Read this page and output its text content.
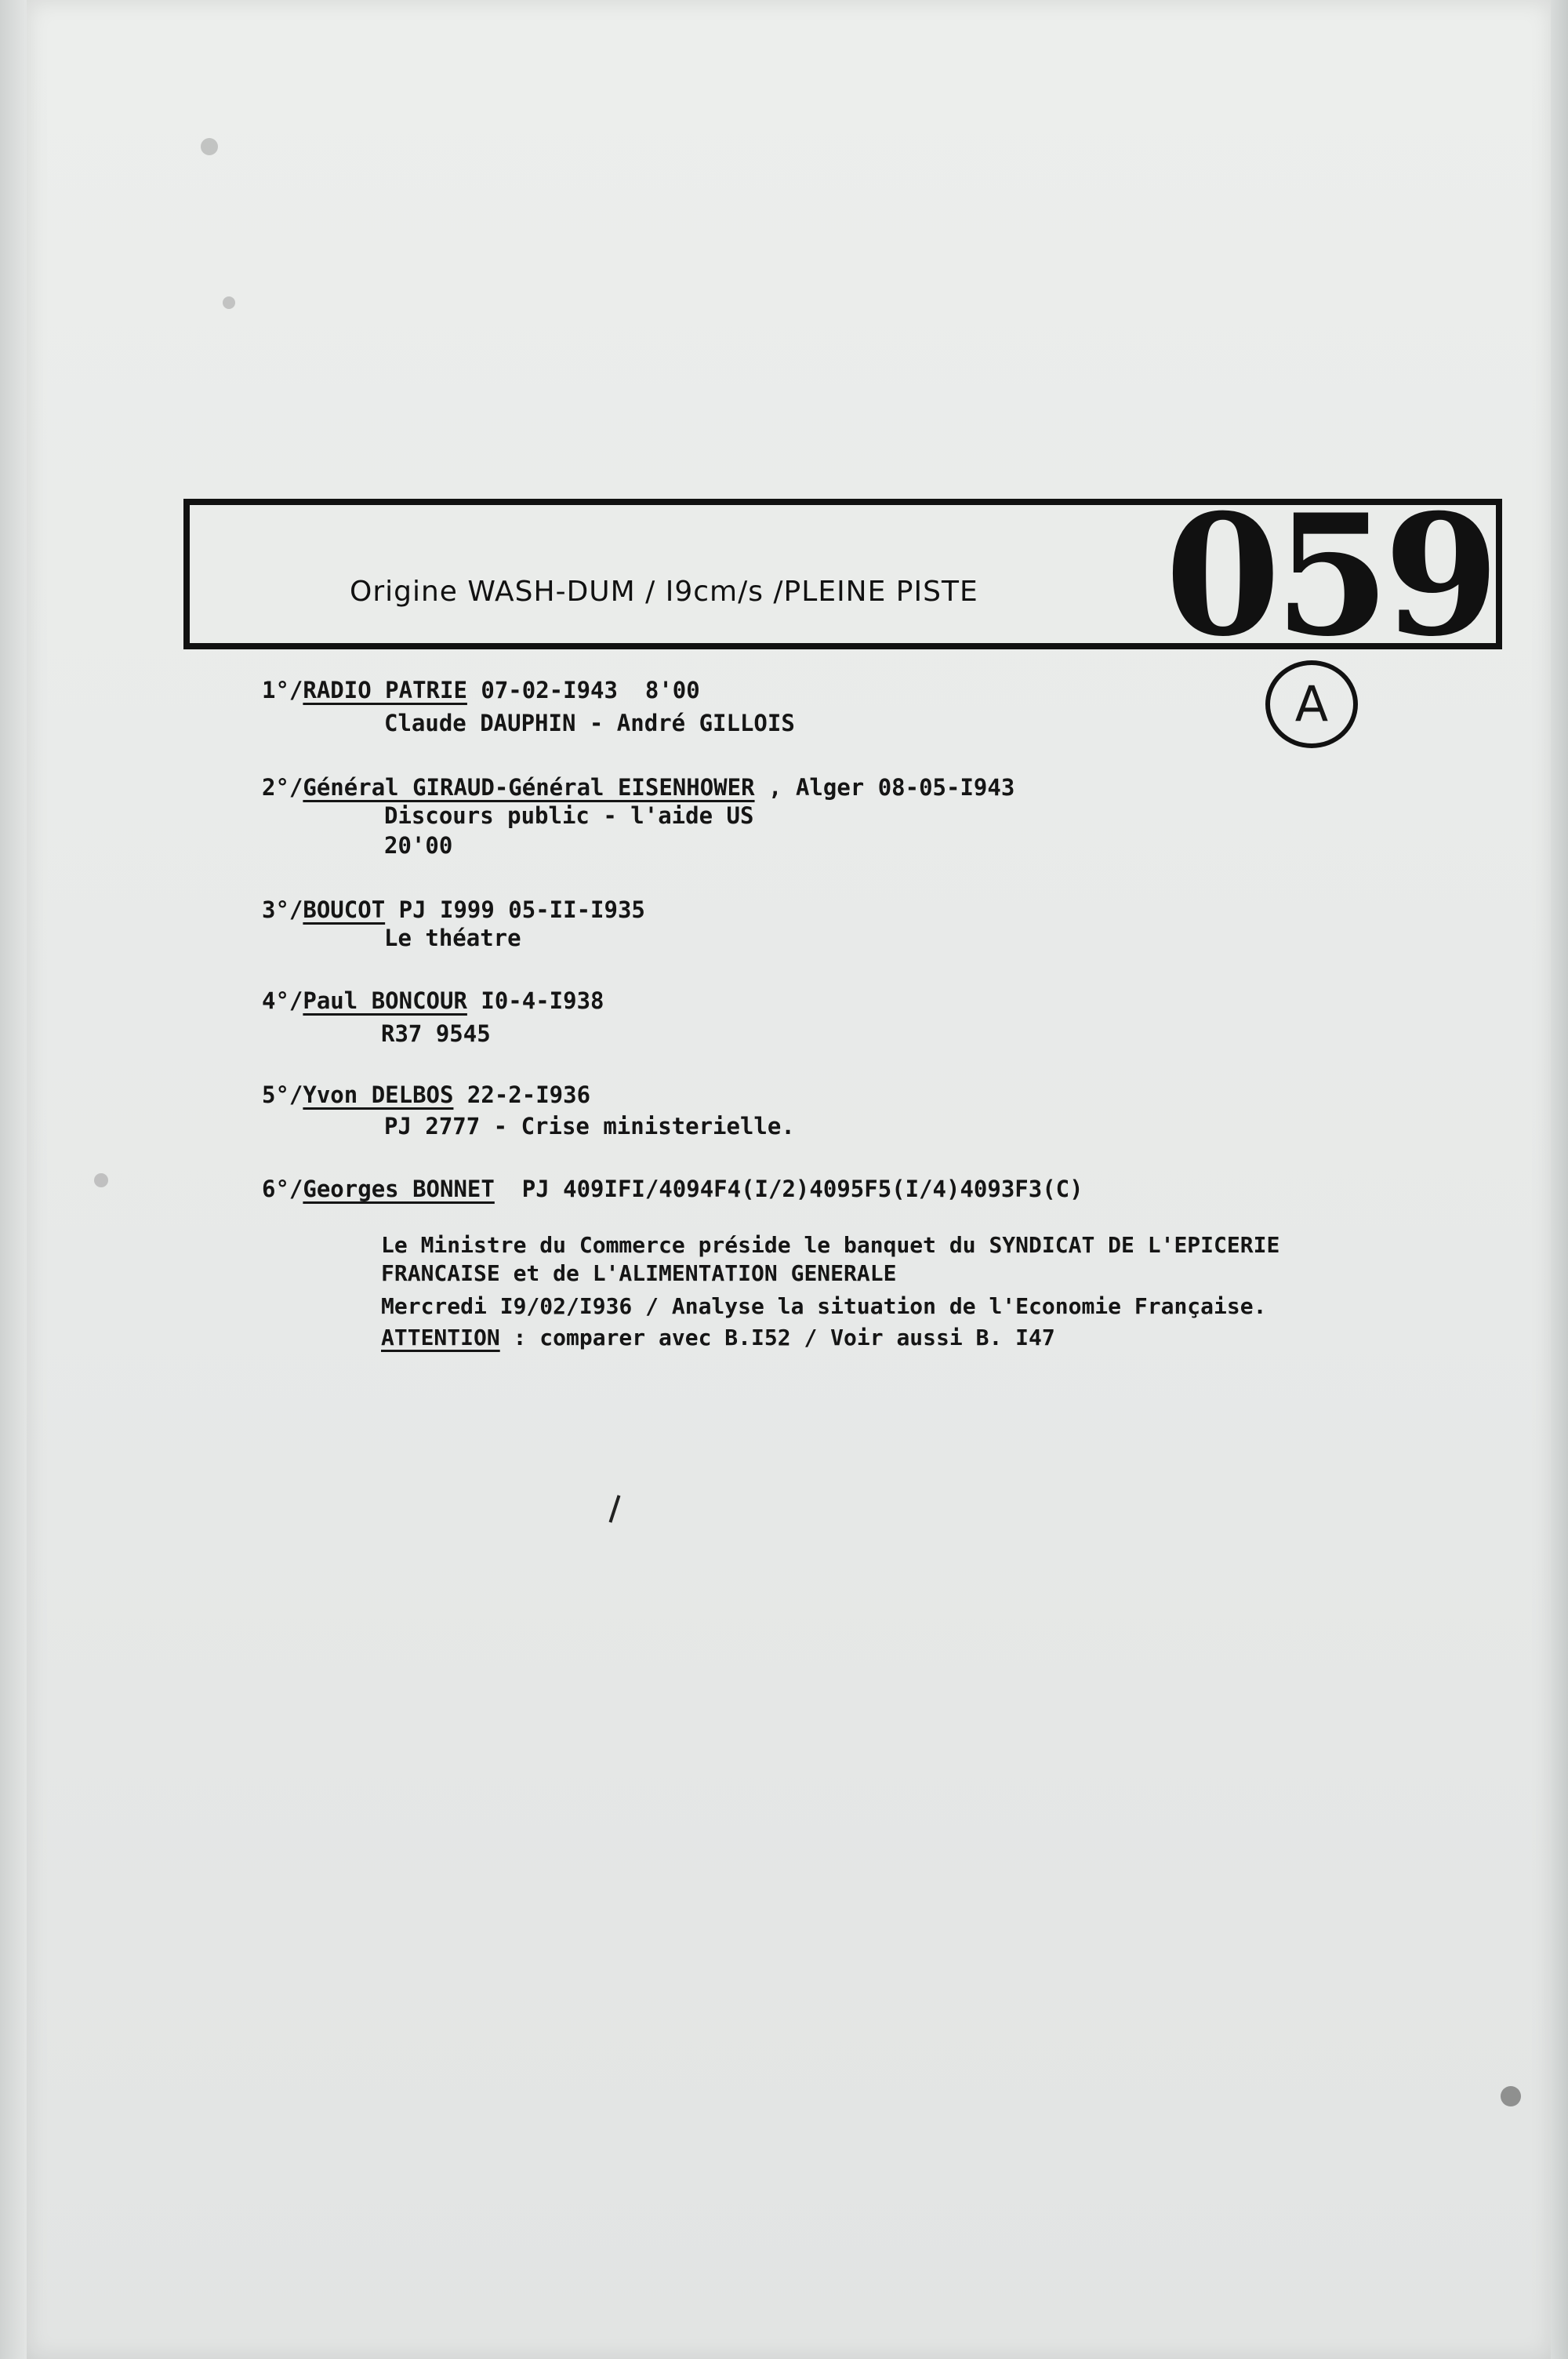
Origine WASH-DUM / I9cm/s /PLEINE PISTE 059
A
1°/RADIO PATRIE 07-02-I943  8'00
Claude DAUPHIN - André GILLOIS
2°/Général GIRAUD-Général EISENHOWER , Alger 08-05-I943
Discours public - l'aide US
20'00
3°/BOUCOT PJ I999 05-II-I935
Le théatre
4°/Paul BONCOUR I0-4-I938
R37 9545
5°/Yvon DELBOS 22-2-I936
PJ 2777 - Crise ministerielle.
6°/Georges BONNET  PJ 409IFI/4094F4(I/2)4095F5(I/4)4093F3(C)
Le Ministre du Commerce préside le banquet du SYNDICAT DE L'EPICERIE
FRANCAISE et de L'ALIMENTATION GENERALE
Mercredi I9/02/I936 / Analyse la situation de l'Economie Française.
ATTENTION : comparer avec B.I52 / Voir aussi B. I47
